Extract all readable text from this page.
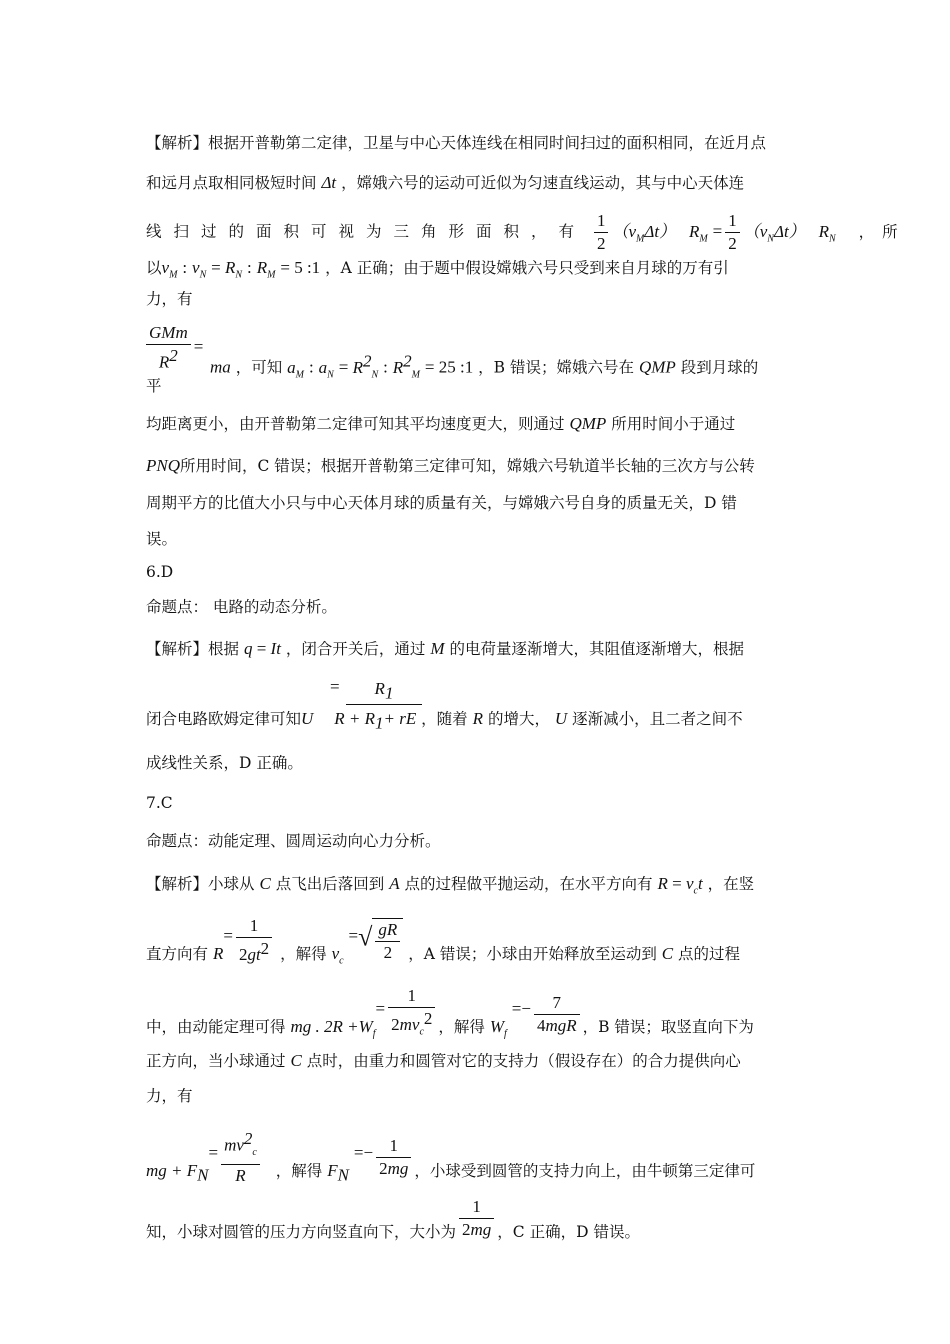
【解析】根据开普勒第二定律，卫星与中心天体连线在相同时间扫过的面积相同，在近月点
和远月点取相同极短时间 Δt ，嫦娥六号的运动可近似为匀速直线运动，其与中心天体连
线扫过的面积可视为三角形面积，有 $\frac{1}{2} (v_M\Delta t) R_M = \frac{1}{2} (v_N\Delta t)$ $R_N$ ，所
以$v_M$ : $v_N = R_N$ : $R_M = 5$ :1 ，A 正确；由于题中假设嫦娥六号只受到来自月球的万有引
力，有
$\frac{\text{GMm}}{R^2}$ =
ma ，可知 $a_M$ : $a_N = R^2_N$ : $R^2_M = 25$ :1 ，B 错误；嫦娥六号在 QMP 段到月球的
平
均距离更小，由开普勒第二定律可知其平均速度更大，则通过 QMP 所用时间小于通过
PNQ所用时间，C 错误；根据开普勒第三定律可知，嫦娥六号轨道半长轴的三次方与公转
周期平方的比值大小只与中心天体月球的质量有关，与嫦娥六号自身的质量无关，D 错
误。
6.D
命题点： 电路的动态分析。
【解析】根据 q = It ，闭合开关后，通过 M 的电荷量逐渐增大，其阻值逐渐增大，根据
=	$R_1$
闭合电路欧姆定律可知U $R + R_1+$ rE ，随着 R 的增大， U 逐渐减小，且二者之间不
成线性关系，D 正确。
7.C
命题点：动能定理、圆周运动向心力分析。
【解析】小球从 C 点飞出后落回到 A 点的过程做平抛运动，在水平方向有 $R = v_ct$ ，在竖
直方向有 $R= \frac{1}{2gt^2}$ ，解得 $v_c$ =√ $\frac{gR}{2}$ ，A 错误；小球由开始释放至运动到 C 点的过程
中，由动能定理可得 mg . $2R +W_f= \frac{1}{2mv_c^2}$ ，解得 $W_f =- \frac{7}{\text{4mgR}}$ ，B 错误；取竖直向下为
正方向，当小球通过 C 点时，由重力和圆管对它的支持力（假设存在）的合力提供向心
力，有
mg + $F_N= \frac{mv^2_c}{R}$ ，解得 $F_N =- \frac{1}{2mg}$ ，小球受到圆管的支持力向上，由牛顿第三定律可
知，小球对圆管的压力方向竖直向下，大小为 $\frac{1}{2mg}$ ，C 正确，D 错误。
